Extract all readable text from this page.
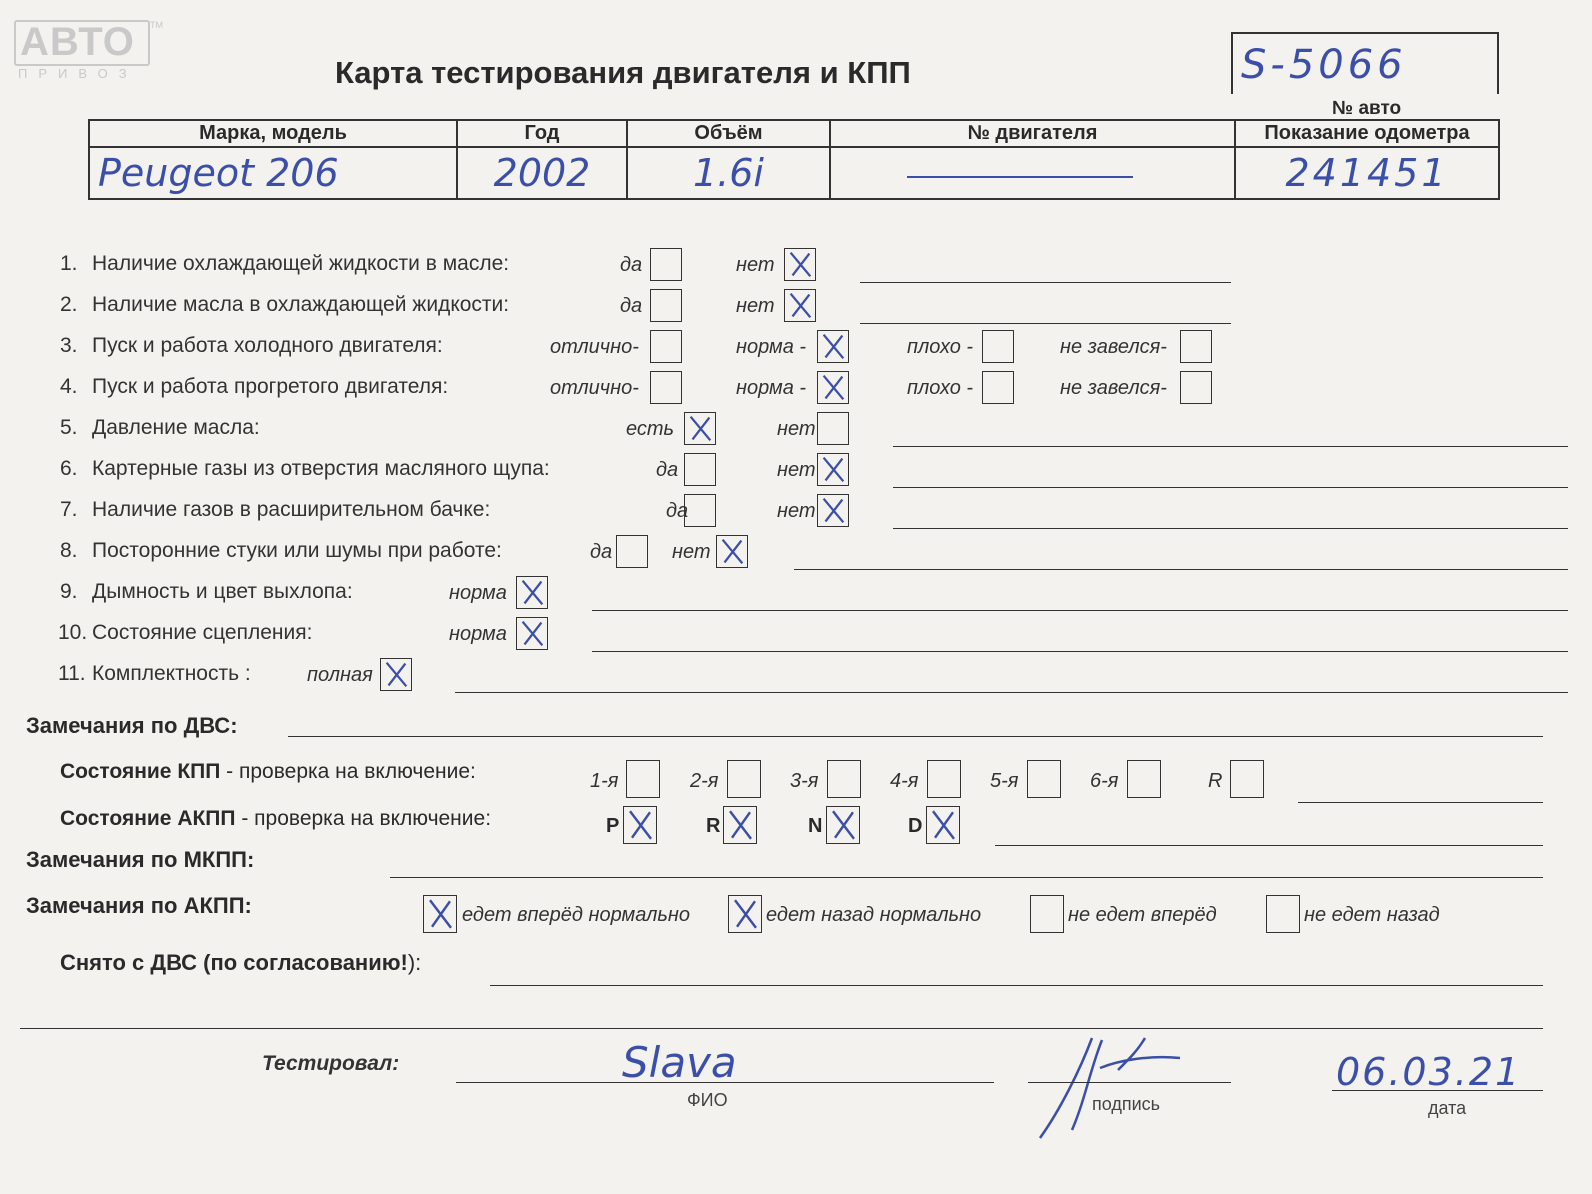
АВТО
ПРИВОЗ
TM
Карта тестирования двигателя и КПП	S-5066
№ авто
Марка, модель	Год	Объём	№ двигателя	Показание одометра
Peugeot 206	2002	1.6i		241451
1. Наличие охлаждающей жидкости в масле:	да	нет
2. Наличие масла в охлаждающей жидкости:	да	нет
3. Пуск и работа холодного двигателя:	отлично-	норма -	плохо -	не завелся-
4. Пуск и работа прогретого двигателя:	отлично-	норма -	плохо -	не завелся-
5. Давление масла:	есть	нет
6. Картерные газы из отверстия масляного щупа:	да	нет
7. Наличие газов в расширительном бачке:	да	нет
8. Посторонние стуки или шумы при работе:	да	нет
9. Дымность и цвет выхлопа:	норма
10. Состояние сцепления:	норма
11. Комплектность :	полная
Замечания по ДВС:
Состояние КПП - проверка на включение:	1-я	2-я	3-я	4-я	5-я	6-я	R
Состояние АКПП - проверка на включение:	P	R	N	D
Замечания по МКПП:
Замечания по АКПП:	едет вперёд нормально	едет назад нормально	не едет вперёд	не едет назад
Снято с ДВС (по согласованию!):
Тестировал:	Slava
ФИО	подпись
06.03.21
дата
